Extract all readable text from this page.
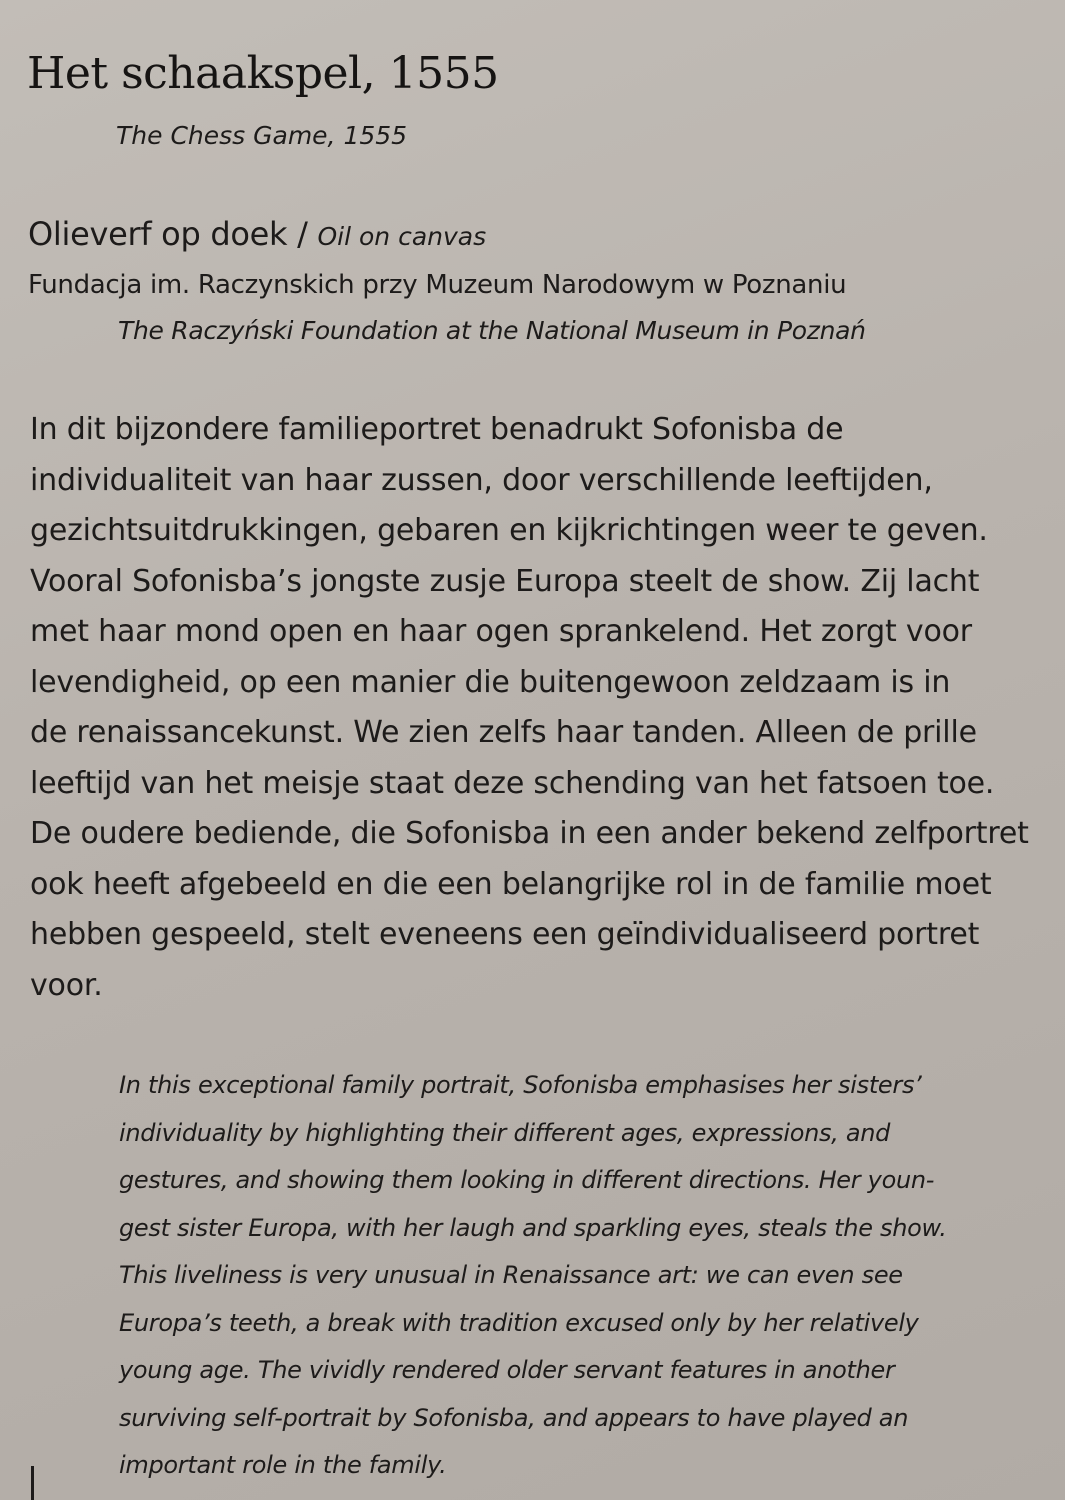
Het schaakspel, 1555
The Chess Game, 1555
Olieverf op doek / Oil on canvas
Fundacja im. Raczynskich przy Muzeum Narodowym w Poznaniu
The Raczyński Foundation at the National Museum in Poznań
In dit bijzondere familieportret benadrukt Sofonisba de
individualiteit van haar zussen, door verschillende leeftijden,
gezichtsuitdrukkingen, gebaren en kijkrichtingen weer te geven.
Vooral Sofonisba’s jongste zusje Europa steelt de show. Zij lacht
met haar mond open en haar ogen sprankelend. Het zorgt voor
levendigheid, op een manier die buitengewoon zeldzaam is in
de renaissancekunst. We zien zelfs haar tanden. Alleen de prille
leeftijd van het meisje staat deze schending van het fatsoen toe.
De oudere bediende, die Sofonisba in een ander bekend zelfportret
ook heeft afgebeeld en die een belangrijke rol in de familie moet
hebben gespeeld, stelt eveneens een geïndividualiseerd portret
voor.
In this exceptional family portrait, Sofonisba emphasises her sisters’
individuality by highlighting their different ages, expressions, and
gestures, and showing them looking in different directions. Her youn-
gest sister Europa, with her laugh and sparkling eyes, steals the show.
This liveliness is very unusual in Renaissance art: we can even see
Europa’s teeth, a break with tradition excused only by her relatively
young age. The vividly rendered older servant features in another
surviving self-portrait by Sofonisba, and appears to have played an
important role in the family.
